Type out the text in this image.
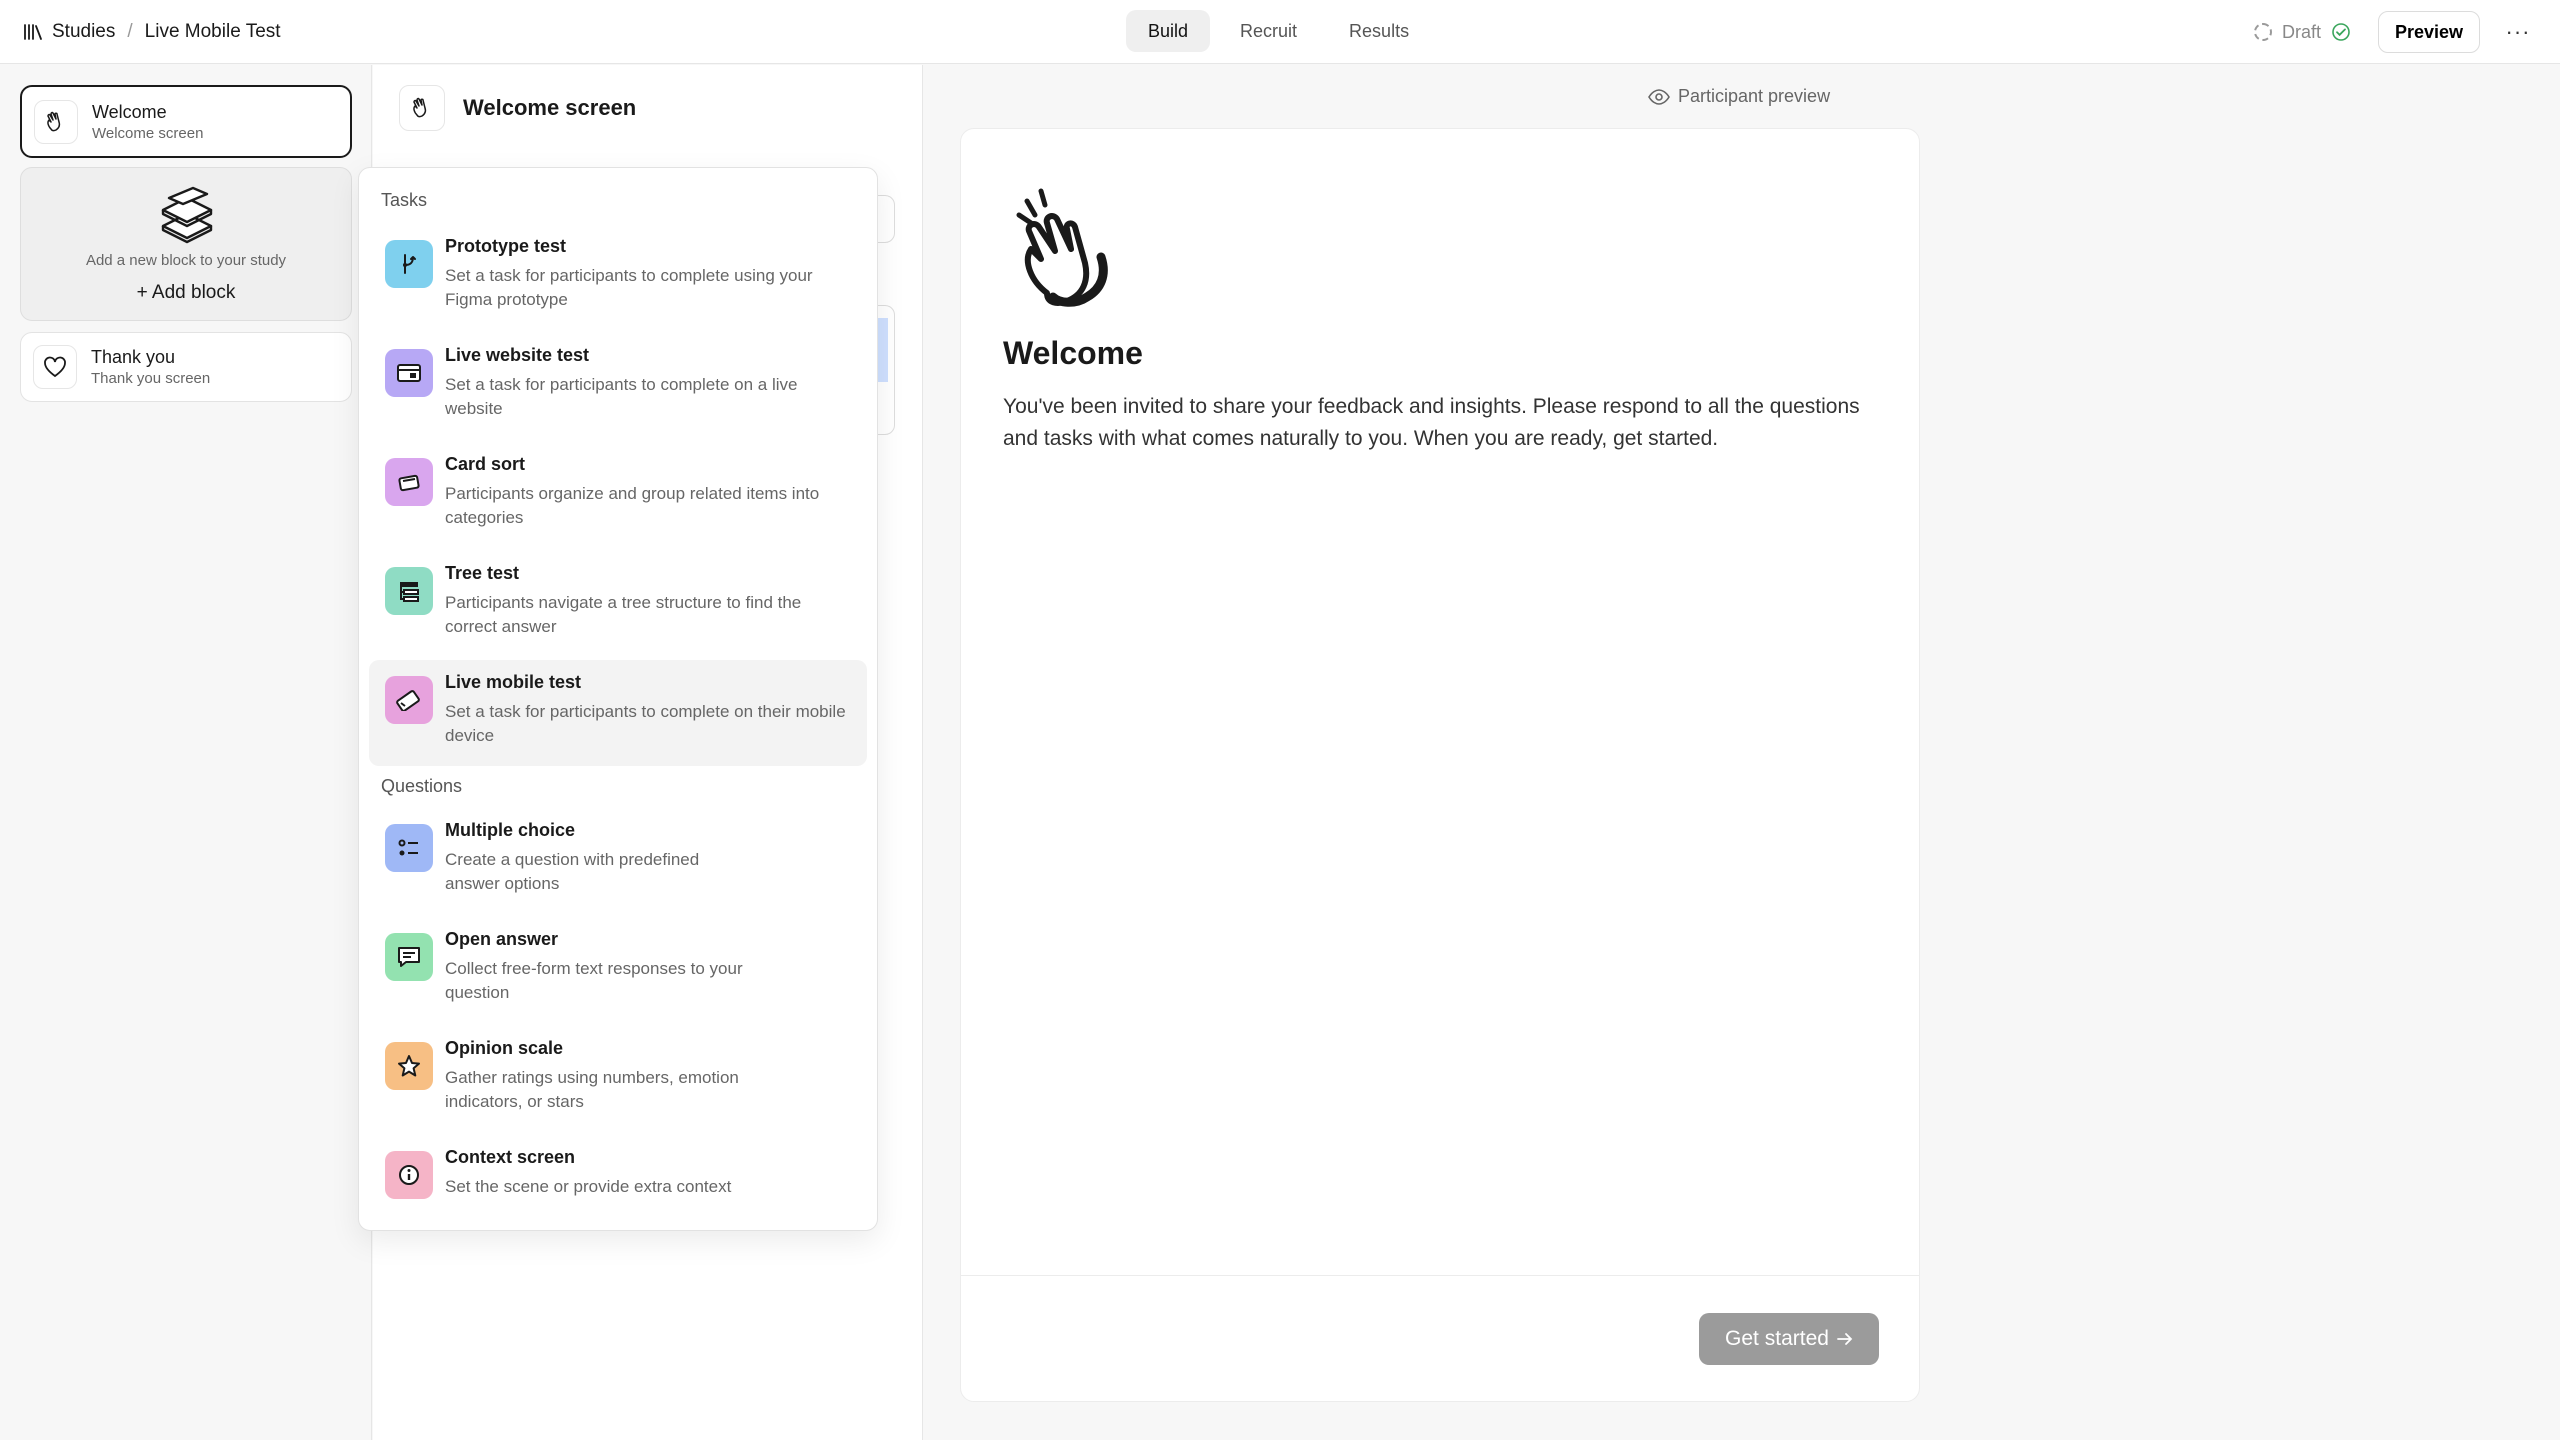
Studies / Live Mobile Test	Build	Recruit	Results	Draft	Preview	···
Welcome
Welcome screen
Add a new block to your study
+ Add block
Thank you
Thank you screen
Welcome screen	Participant preview
Welcome
You've been invited to share your feedback and insights. Please respond to all the questions and tasks with what comes naturally to you. When you are ready, get started.
Get started
Tasks
Prototype test
Set a task for participants to complete using your Figma prototype
Live website test
Set a task for participants to complete on a live website
Card sort
Participants organize and group related items into categories
Tree test
Participants navigate a tree structure to find the correct answer
Live mobile test
Set a task for participants to complete on their mobile device
Questions
Multiple choice
Create a question with predefined answer options
Open answer
Collect free-form text responses to your question
Opinion scale
Gather ratings using numbers, emotion indicators, or stars
Context screen
Set the scene or provide extra context
